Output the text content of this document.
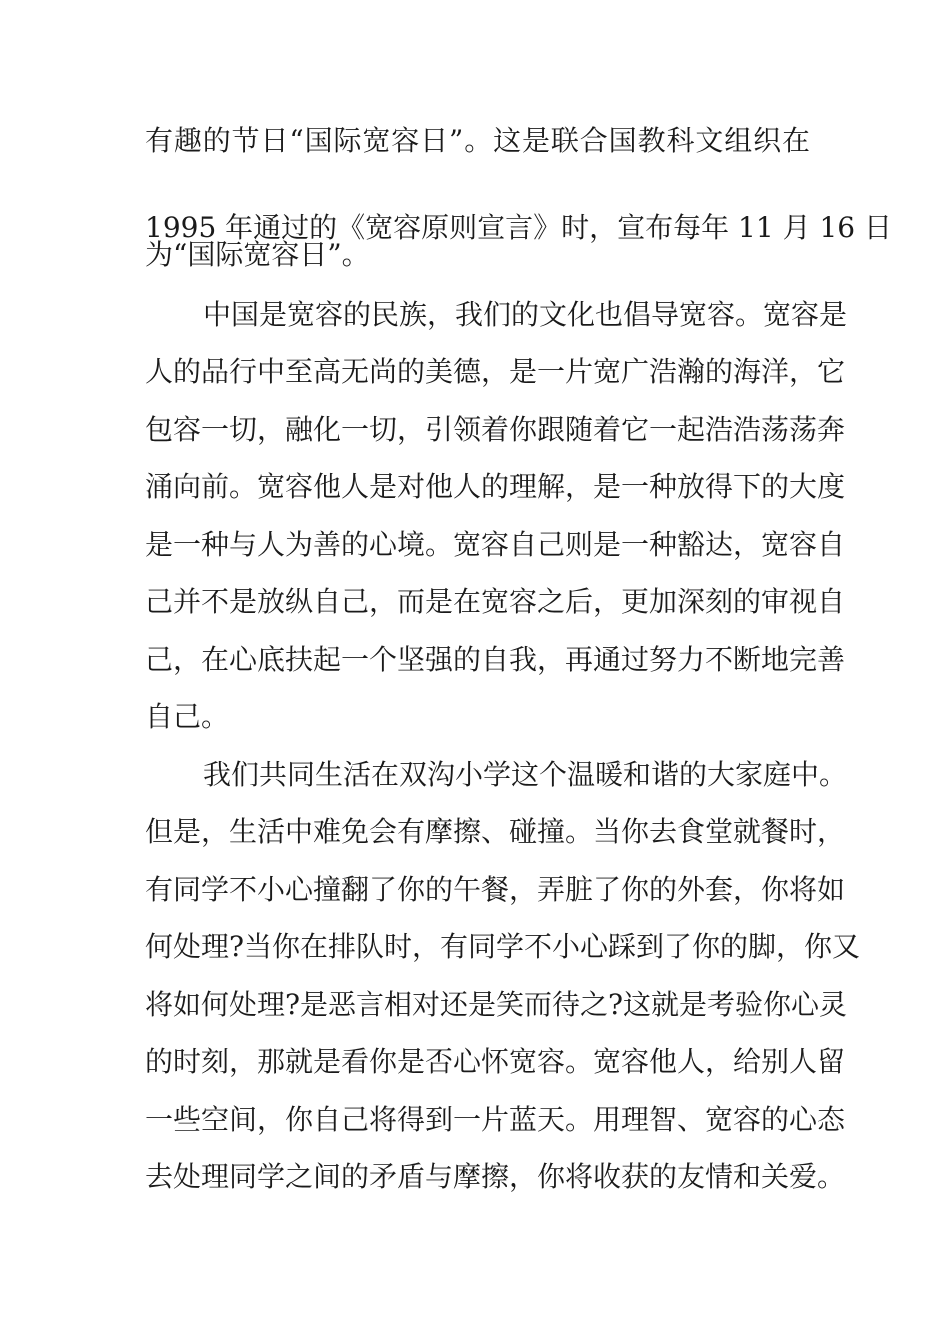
有趣的节日“国际宽容日”。这是联合国教科文组织在
1995 年通过的《宽容原则宣言》时，宣布每年 11 月 16 日
为“国际宽容日”。
中国是宽容的民族，我们的文化也倡导宽容。宽容是
人的品行中至高无尚的美德，是一片宽广浩瀚的海洋，它
包容一切，融化一切，引领着你跟随着它一起浩浩荡荡奔
涌向前。宽容他人是对他人的理解，是一种放得下的大度
是一种与人为善的心境。宽容自己则是一种豁达，宽容自
己并不是放纵自己，而是在宽容之后，更加深刻的审视自
己，在心底扶起一个坚强的自我，再通过努力不断地完善
自己。
我们共同生活在双沟小学这个温暖和谐的大家庭中。
但是，生活中难免会有摩擦、碰撞。当你去食堂就餐时，
有同学不小心撞翻了你的午餐，弄脏了你的外套，你将如
何处理?当你在排队时，有同学不小心踩到了你的脚，你又
将如何处理?是恶言相对还是笑而待之?这就是考验你心灵
的时刻，那就是看你是否心怀宽容。宽容他人，给别人留
一些空间，你自己将得到一片蓝天。用理智、宽容的心态
去处理同学之间的矛盾与摩擦，你将收获的友情和关爱。
